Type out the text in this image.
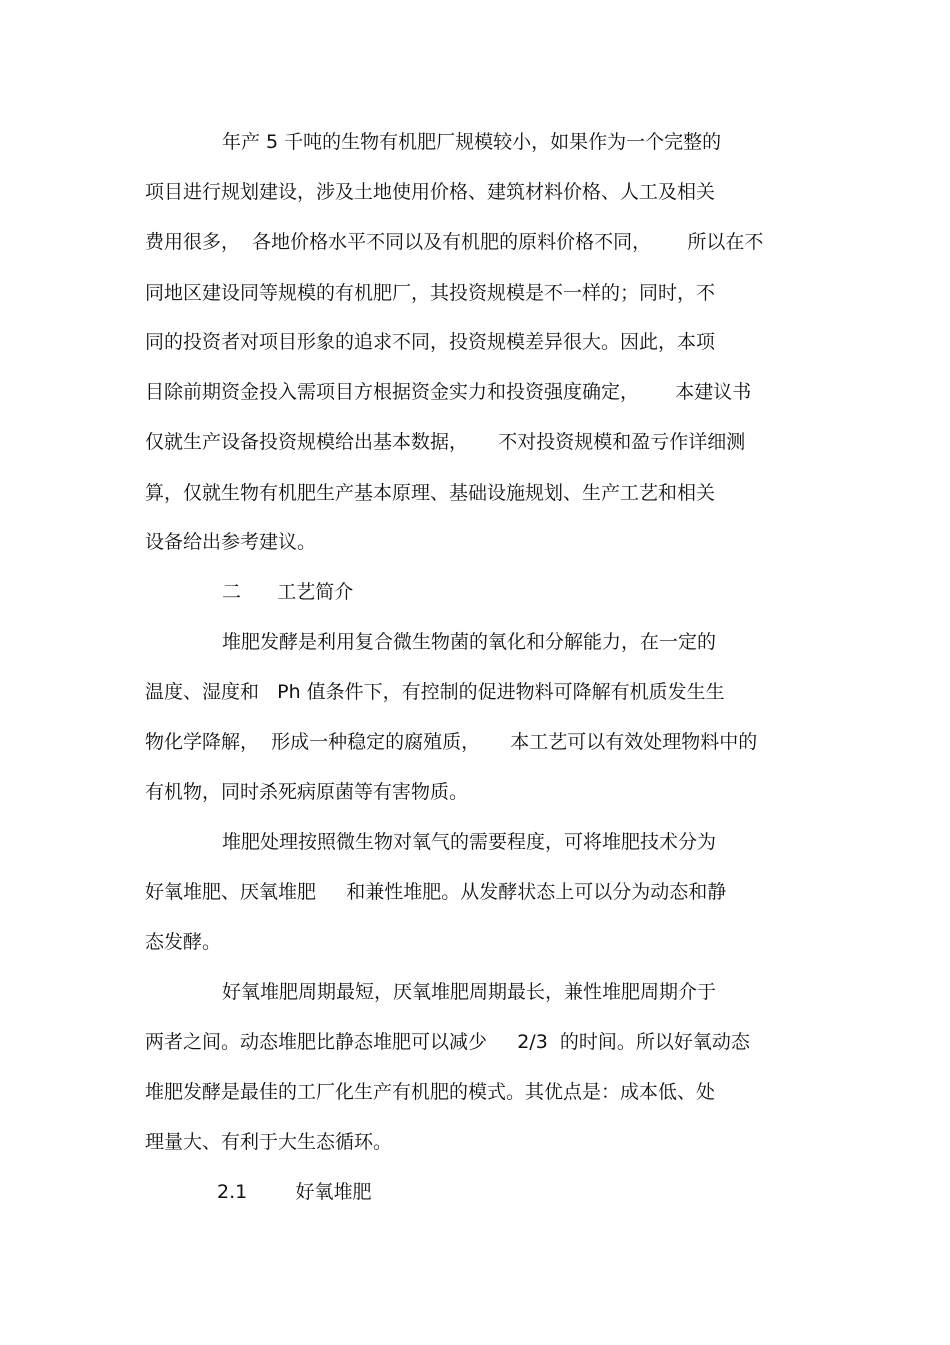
年产 5 千吨的生物有机肥厂规模较小，如果作为一个完整的

项目进行规划建设，涉及土地使用价格、建筑材料价格、人工及相关

费用很多，  各地价格水平不同以及有机肥的原料价格不同，      所以在不

同地区建设同等规模的有机肥厂，其投资规模是不一样的；同时，不

同的投资者对项目形象的追求不同，投资规模差异很大。因此，本项

目除前期资金投入需项目方根据资金实力和投资强度确定，      本建议书

仅就生产设备投资规模给出基本数据，     不对投资规模和盈亏作详细测

算，仅就生物有机肥生产基本原理、基础设施规划、生产工艺和相关

设备给出参考建议。

二      工艺简介

堆肥发酵是利用复合微生物菌的氧化和分解能力，在一定的

温度、湿度和   Ph 值条件下，有控制的促进物料可降解有机质发生生

物化学降解，  形成一种稳定的腐殖质，     本工艺可以有效处理物料中的

有机物，同时杀死病原菌等有害物质。

堆肥处理按照微生物对氧气的需要程度，可将堆肥技术分为

好氧堆肥、厌氧堆肥     和兼性堆肥。从发酵状态上可以分为动态和静

态发酵。

好氧堆肥周期最短，厌氧堆肥周期最长，兼性堆肥周期介于

两者之间。动态堆肥比静态堆肥可以减少     2/3  的时间。所以好氧动态

堆肥发酵是最佳的工厂化生产有机肥的模式。其优点是：成本低、处

理量大、有利于大生态循环。

2.1        好氧堆肥
